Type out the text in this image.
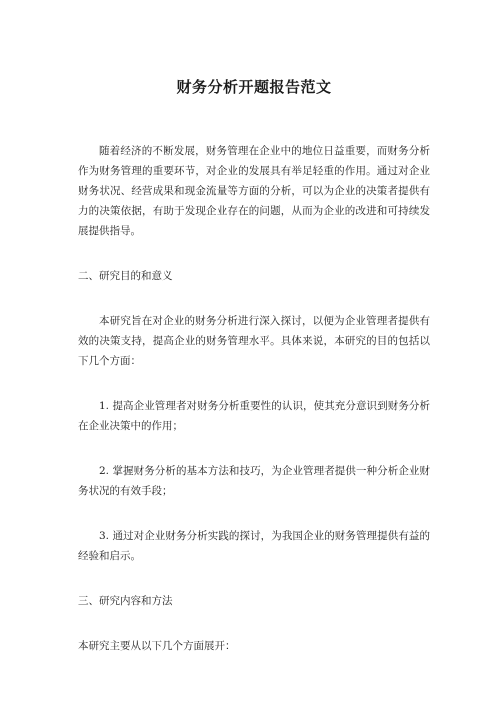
财务分析开题报告范文

随着经济的不断发展，财务管理在企业中的地位日益重要，而财务分析作为财务管理的重要环节，对企业的发展具有举足轻重的作用。通过对企业财务状况、经营成果和现金流量等方面的分析，可以为企业的决策者提供有力的决策依据，有助于发现企业存在的问题，从而为企业的改进和可持续发展提供指导。

二、研究目的和意义

本研究旨在对企业的财务分析进行深入探讨，以便为企业管理者提供有效的决策支持，提高企业的财务管理水平。具体来说，本研究的目的包括以下几个方面：

1. 提高企业管理者对财务分析重要性的认识，使其充分意识到财务分析在企业决策中的作用；

2. 掌握财务分析的基本方法和技巧，为企业管理者提供一种分析企业财务状况的有效手段；

3. 通过对企业财务分析实践的探讨，为我国企业的财务管理提供有益的经验和启示。

三、研究内容和方法

本研究主要从以下几个方面展开：
